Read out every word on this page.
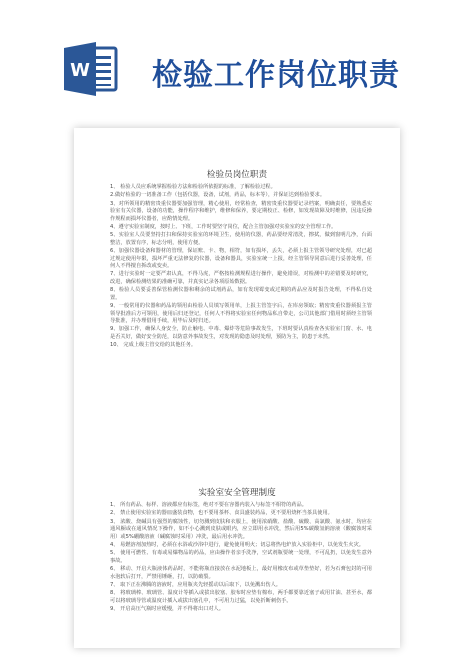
W 检验工作岗位职责
检验员岗位职责

1、 检验人员应系统掌握检验方法和检验所依据的标准，了解检验过程。

2.做好检验的一切准备工作（包括仪器，设备，试剂，药品，标本等），并保证达到检验要求。

3、对所领用的精密贵重仪器要加强管理，精心使用，经常检查，精密贵重仪器要记录档案，明确责任，要熟悉实验室有关仪器，设备的功能，操作程序和维护，维修和保养，要定期校正、检修，如发现故障及时维修，因违反操作规程而损坏仪器者，应酌情处理。

4、遵守实验室制度，按时上、下班，工作时要坚守岗位，配合主管加强对实验室的安全管理工作。

5、实验室人员要坚持打扫和保持实验室的环境卫生，使用的仪器，药品要经常清洗，擦拭，做到窗明几净，台面整洁，放置有序，标志分明，使用方便。

6、加强仪器设备和器材的管理，保证账、卡、物，相符，如有损坏，丢失，必须上报主管领导研究处理，对已超过规定使用年限，损坏严重无法修复的仪器，设备和器具，实验室统一上报，经主管领导同意后进行妥善处理，任何人不得擅自拆改或变卖。

7、进行实验时一定要严肃认真，不得马虎，严格按检测规程进行操作，避免错误，对检测中的差错要及时研究，改进，确保检测结果的准确可靠，并真实记录各项原始数据。

8、检验人员要妥善保管检测仪器和剩余的试剂药品，如有发现霉变或过期的药品应及时报告处理，不得私自处置。

9、一般常用的仪器和药品的领用由检验人员填写领用单，上报主管签字后，在库房领取；精密贵重仪器须报主管领导批准后方可领用，使用后归还登记，任何人不得将实验室任何物品私自带走，公司其他部门借用时须经主管领导批准，并办理借用手续，用毕后及时归还。

9、加强工作，确保人身安全，防止触电、中毒、爆炸等危险事故发生，下班时要认真检查各实验室门窗、水、电是否关好，做好安全防范，以防意外事故发生，对发现的隐患及时处理，预防为主，防患于未然。

10、 完成上级主管交给的其他任务。

实验室安全管理制度

1、 所有药品、标样、溶液都应有标签，绝对不要在容器内装入与标签不相符的药品。

2、 禁止使用实验室的器皿盛装食物，也不要用茶杯、食具盛装药品，更不要用烧杯当茶具使用。

3、 浓酸、烧碱具有强烈的腐蚀性，切勿溅到皮肤和衣服上，使用浓硝酸、盐酸、硫酸、高氯酸、氨水时，均应在通风橱或在通风情况下操作，如不小心溅到皮肤或眼内，应立即用水冲洗，然后用5%碳酸氢钠溶液（酸腐蚀时采用）或5%硼酸溶液（碱腐蚀时采用）冲洗，最后用水冲洗。

4、 易燃溶剂加热时，必须在水浴或沙浴中进行，避免使用明火；切忌将热电炉放入实验柜中，以免发生火灾。

5、 使用可燃性、有毒或易爆物品的药品，应由操作者亲手洗净，空试剂瓶要统一处理，不可乱扔，以免发生意外事故。

6、 移动、开启大瓶液体药品时，不能将瓶直接放在水泥地板上，最好用橡皮布或草垫垫好，若为石膏包封的可用水泡软后打开，严禁用锤砸，打，以防破裂。

7、 取下正在沸腾的溶液时，应用瓶夹先轻摇动以后取下，以免溅出伤人。

8、 将玻璃棒、玻璃管、温度计等插入或拔出胶塞、胶布时应垫有棉布，两手都要靠近塞子或用甘油、甚至水，都可以将玻璃导管或温度计插入或拔出塞孔中，不可用力过猛，以免折断刺伤手。

9、 开启高压气瓶时应缓慢，并不得将出口对人。
